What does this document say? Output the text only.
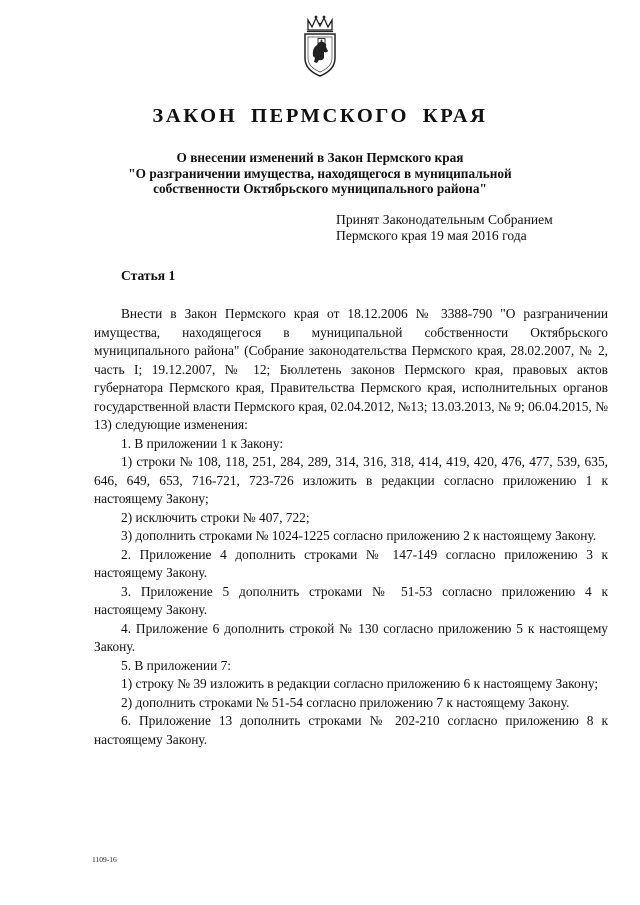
ЗАКОН ПЕРМСКОГО КРАЯ
О внесении изменений в Закон Пермского края
"О разграничении имущества, находящегося в муниципальной
собственности Октябрьского муниципального района"
Принят Законодательным Собранием
Пермского края 19 мая 2016 года
Статья 1

Внести в Закон Пермского края от 18.12.2006 № 3388-790 "О разграничении имущества, находящегося в муниципальной собственности Октябрьского муниципального района" (Собрание законодательства Пермского края, 28.02.2007, № 2, часть I; 19.12.2007, № 12; Бюллетень законов Пермского края, правовых актов губернатора Пермского края, Правительства Пермского края, исполнительных органов государственной власти Пермского края, 02.04.2012, №13; 13.03.2013, № 9; 06.04.2015, № 13) следующие изменения:

1. В приложении 1 к Закону:

1) строки № 108, 118, 251, 284, 289, 314, 316, 318, 414, 419, 420, 476, 477, 539, 635, 646, 649, 653, 716-721, 723-726 изложить в редакции согласно приложению 1 к настоящему Закону;

2) исключить строки № 407, 722;

3) дополнить строками № 1024-1225 согласно приложению 2 к настоящему Закону.

2. Приложение 4 дополнить строками № 147-149 согласно приложению 3 к настоящему Закону.

3. Приложение 5 дополнить строками № 51-53 согласно приложению 4 к настоящему Закону.

4. Приложение 6 дополнить строкой № 130 согласно приложению 5 к настоящему Закону.

5. В приложении 7:

1) строку № 39 изложить в редакции согласно приложению 6 к настоящему Закону;

2) дополнить строками № 51-54 согласно приложению 7 к настоящему Закону.

6. Приложение 13 дополнить строками № 202-210 согласно приложению 8 к настоящему Закону.

1109-16
